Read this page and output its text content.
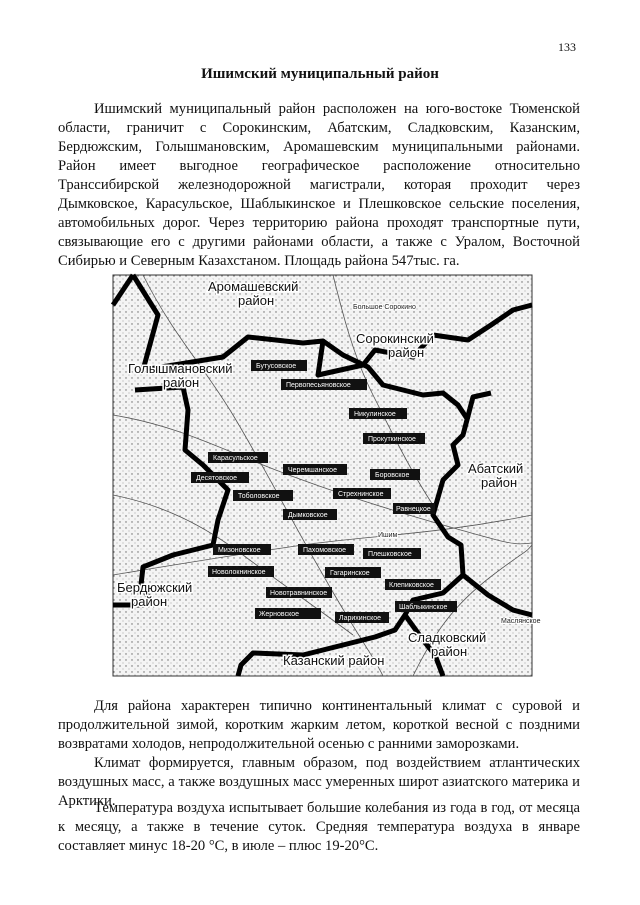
133
Ишимский муниципальный район

Ишимский муниципальный район расположен на юго-востоке Тюменской области, граничит с Сорокинским, Абатским, Сладковским, Казанским, Бердюжским, Голышмановским, Аромашевским муниципальными районами. Район имеет выгодное географическое расположение относительно Транссибирской железнодорожной магистрали, которая проходит через Дымковское, Карасульское, Шаблыкинское и Плешковское сельские поселения, автомобильных дорог. Через территорию района проходят транспортные пути, связывающие его с другими районами области, а также с Уралом, Восточной Сибирью и Северным Казахстаном. Площадь района 547тыс. га.

Аромашевский
район
Сорокинский
район
Голышмановский
район
Абатский
район
Бердюжский
район
Сладковский
район
Казанский район
Большое Сорокино
Ишим
Маслянское
Бутусовское
Первопесьяновское
Никулинское
Прокуткинское
Карасульское
Черемшанское
Боровское
Десятовское
Тоболовское	Стрехнинское
Дымковское
Равнецкое
Мизоновское	Пахомовское
Плешковское
Новолокнинское	Гагаринское
Клепиковское
Новотравнинское
Шаблыкинское
Ларихинское
Жерновское

Для района характерен типично континентальный климат с суровой и продолжительной зимой, коротким жарким летом, короткой весной с поздними возвратами холодов, непродолжительной осенью с ранними заморозками.

Климат формируется, главным образом, под воздействием атлантических воздушных масс, а также воздушных масс умеренных широт азиатского материка и Арктики.

Температура воздуха испытывает большие колебания из года в год, от месяца к месяцу, а также в течение суток. Средняя температура воздуха в январе составляет минус 18-20 °С, в июле – плюс 19-20°С.
